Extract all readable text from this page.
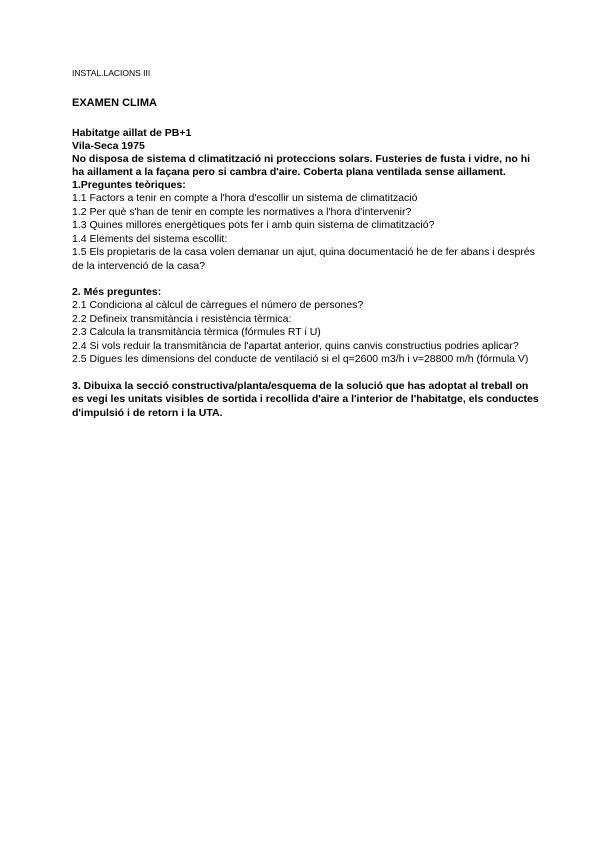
INSTAL.LACIONS III
EXAMEN CLIMA

Habitatge aillat de PB+1

Vila-Seca 1975

No disposa de sistema d climatització ni proteccions solars. Fusteries de fusta i vidre, no hi ha aillament a la façana pero si cambra d'aire. Coberta plana ventilada sense aillament.

1.Preguntes teòriques:

1.1 Factors a tenir en compte a l'hora d'escollir un sistema de climatització

1.2 Per què s'han de tenir en compte les normatives a l'hora d'intervenir?

1.3 Quines millores energètiques pots fer i amb quin sistema de climatització?

1.4 Elements del sistema escollit:

1.5 Els propietaris de la casa volen demanar un ajut, quina documentació he de fer abans i després de la intervenció de la casa?

2. Més preguntes:

2.1 Condiciona al càlcul de càrregues el número de persones?

2.2 Defineix transmitància i resistència tèrmica:

2.3 Calcula la transmitància tèrmica (fórmules RT i U)

2.4 Si vols reduir la transmitància de l'apartat anterior, quins canvis constructius podries aplicar?

2.5 Digues les dimensions del conducte de ventilació si el q=2600 m3/h i v=28800 m/h (fórmula V)

3. Dibuixa la secció constructiva/planta/esquema de la solució que has adoptat al treball on es vegi les unitats visibles de sortida i recollida d'aire a l'interior de l'habitatge, els conductes d'impulsió i de retorn i la UTA.
